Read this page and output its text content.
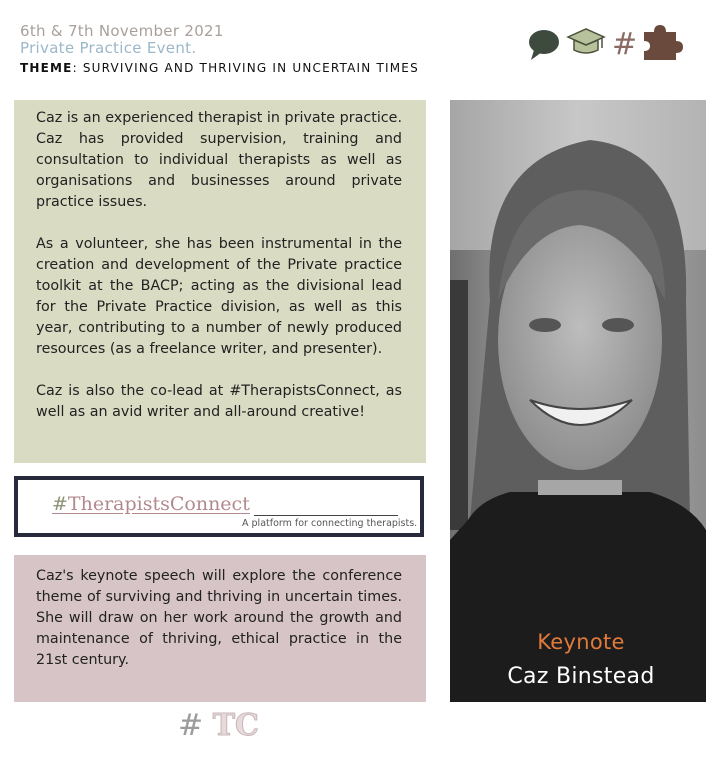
6th & 7th November 2021
Private Practice Event.
THEME: SURVIVING AND THRIVING IN UNCERTAIN TIMES
#

Caz is an experienced therapist in private practice. Caz has provided supervision, training and consultation to individual therapists as well as organisations and businesses around private practice issues.

As a volunteer, she has been instrumental in the creation and development of the Private practice toolkit at the BACP; acting as the divisional lead for the Private Practice division, as well as this year, contributing to a number of newly produced resources (as a freelance writer, and presenter).

Caz is also the co-lead at #TherapistsConnect, as well as an avid writer and all-around creative!

#TherapistsConnect
A platform for connecting therapists.
Caz's keynote speech will explore the conference theme of surviving and thriving in uncertain times. She will draw on her work around the growth and maintenance of thriving, ethical practice in the 21st century.
# TC
Keynote
Caz Binstead
